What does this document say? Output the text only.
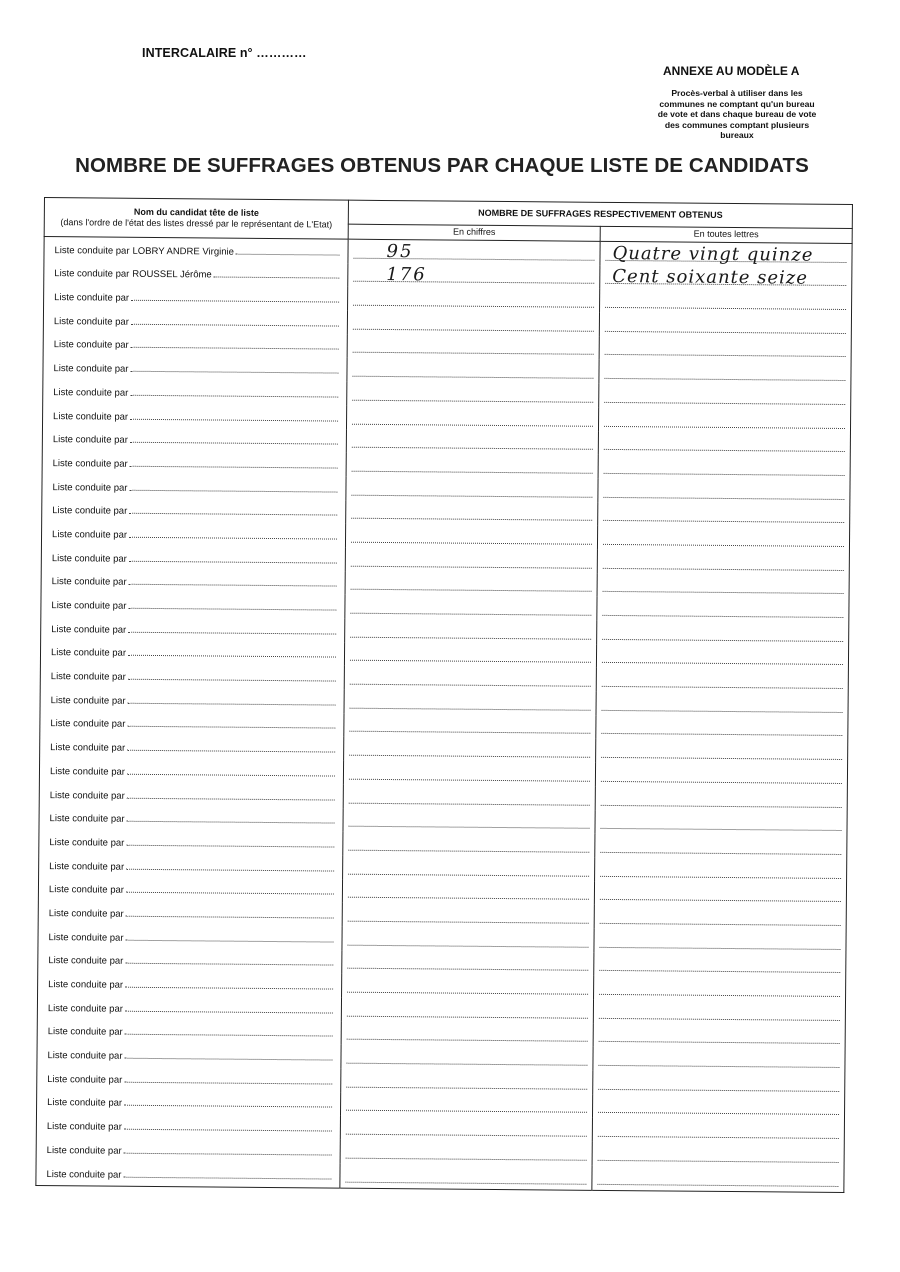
INTERCALAIRE n° …………
ANNEXE AU MODÈLE A
Procès-verbal à utiliser dans les
communes ne comptant qu'un bureau
de vote et dans chaque bureau de vote
des communes comptant plusieurs
bureaux
NOMBRE DE SUFFRAGES OBTENUS PAR CHAQUE LISTE DE CANDIDATS
Nom du candidat tête de liste
(dans l'ordre de l'état des listes dressé par le représentant de L'Etat)	NOMBRE DE SUFFRAGES RESPECTIVEMENT OBTENUS	
	En chiffres	En toutes lettres

Liste conduite par LOBRY ANDRE Virginie	95	Quatre vingt quinze

Liste conduite par ROUSSEL Jérôme	176	Cent soixante seize

Liste conduite par		

Liste conduite par		

Liste conduite par		

Liste conduite par		

Liste conduite par		

Liste conduite par		

Liste conduite par		

Liste conduite par		

Liste conduite par		

Liste conduite par		

Liste conduite par		

Liste conduite par		

Liste conduite par		

Liste conduite par		

Liste conduite par		

Liste conduite par		

Liste conduite par		

Liste conduite par		

Liste conduite par		

Liste conduite par		

Liste conduite par		

Liste conduite par		

Liste conduite par		

Liste conduite par		

Liste conduite par		

Liste conduite par		

Liste conduite par		

Liste conduite par		

Liste conduite par		

Liste conduite par		

Liste conduite par		

Liste conduite par		

Liste conduite par		

Liste conduite par		

Liste conduite par		

Liste conduite par		

Liste conduite par		

Liste conduite par		
